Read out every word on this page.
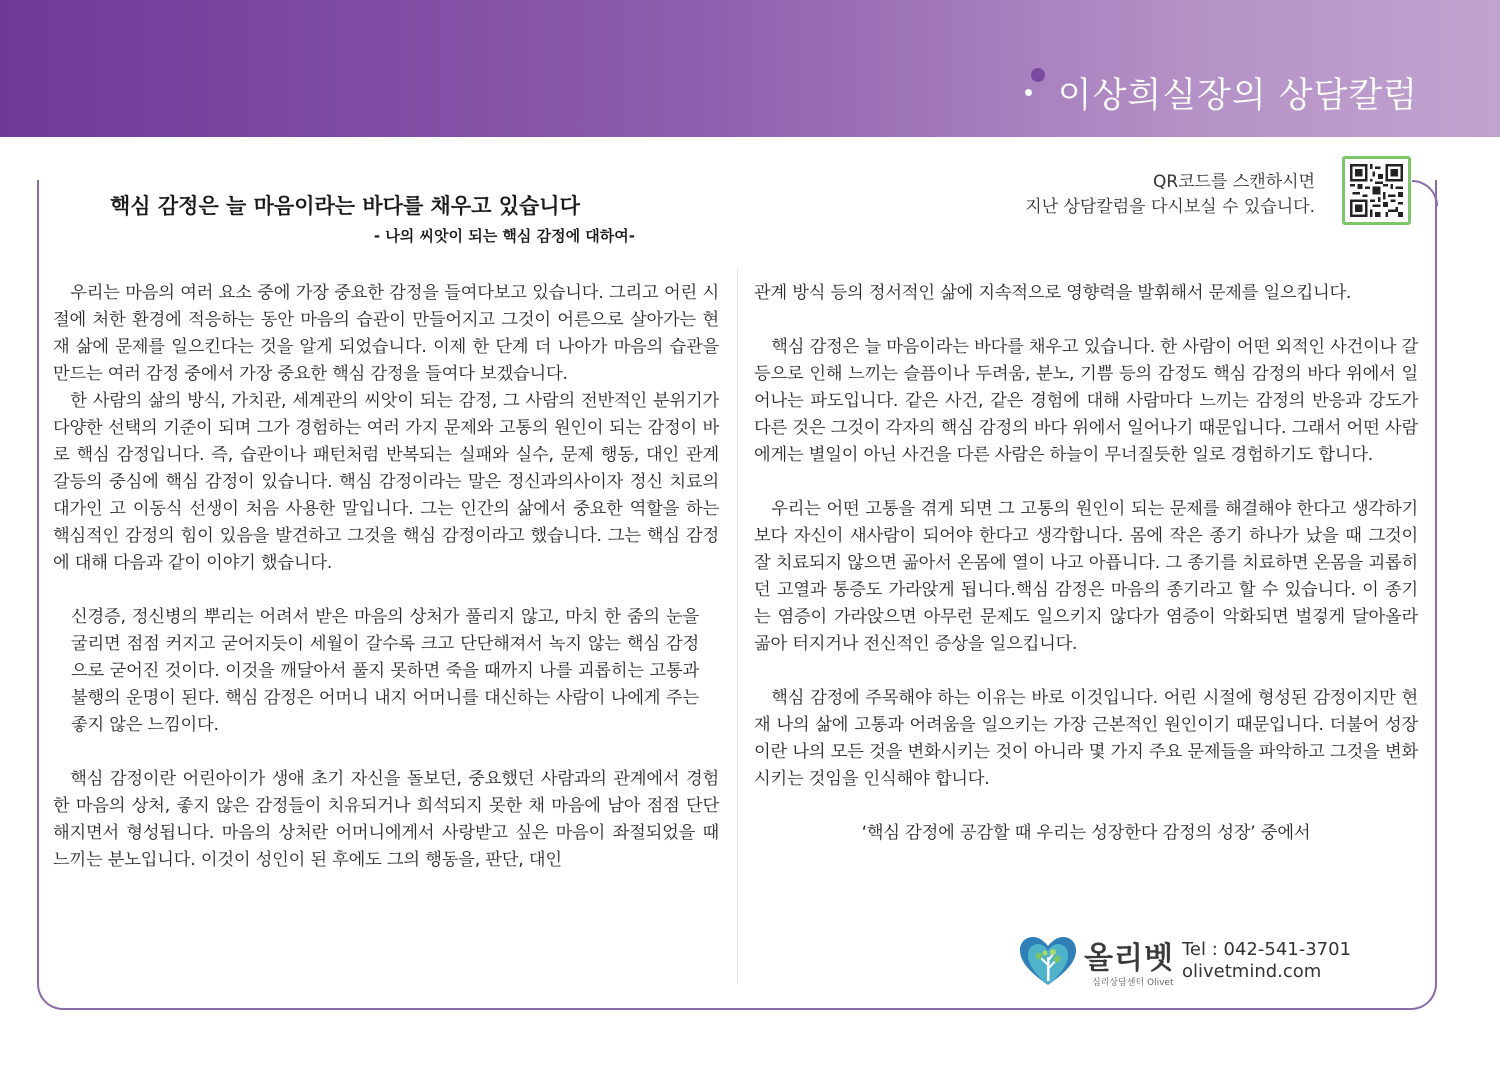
이상희실장의 상담칼럼
핵심 감정은 늘 마음이라는 바다를 채우고 있습니다
- 나의 씨앗이 되는 핵심 감정에 대하여-
QR코드를 스캔하시면
지난 상담칼럼을 다시보실 수 있습니다.

우리는 마음의 여러 요소 중에 가장 중요한 감정을 들여다보고 있습니다. 그리고 어린 시절에 처한 환경에 적응하는 동안 마음의 습관이 만들어지고 그것이 어른으로 살아가는 현재 삶에 문제를 일으킨다는 것을 알게 되었습니다. 이제 한 단계 더 나아가 마음의 습관을 만드는 여러 감정 중에서 가장 중요한 핵심 감정을 들여다 보겠습니다.

한 사람의 삶의 방식, 가치관, 세계관의 씨앗이 되는 감정, 그 사람의 전반적인 분위기가 다양한 선택의 기준이 되며 그가 경험하는 여러 가지 문제와 고통의 원인이 되는 감정이 바로 핵심 감정입니다. 즉, 습관이나 패턴처럼 반복되는 실패와 실수, 문제 행동, 대인 관계 갈등의 중심에 핵심 감정이 있습니다. 핵심 감정이라는 말은 정신과의사이자 정신 치료의 대가인 고 이동식 선생이 처음 사용한 말입니다. 그는 인간의 삶에서 중요한 역할을 하는 핵심적인 감정의 힘이 있음을 발견하고 그것을 핵심 감정이라고 했습니다. 그는 핵심 감정에 대해 다음과 같이 이야기 했습니다.

신경증, 정신병의 뿌리는 어려서 받은 마음의 상처가 풀리지 않고, 마치 한 줌의 눈을 굴리면 점점 커지고 굳어지듯이 세월이 갈수록 크고 단단해져서 녹지 않는 핵심 감정으로 굳어진 것이다. 이것을 깨달아서 풀지 못하면 죽을 때까지 나를 괴롭히는 고통과 불행의 운명이 된다. 핵심 감정은 어머니 내지 어머니를 대신하는 사람이 나에게 주는 좋지 않은 느낌이다.

핵심 감정이란 어린아이가 생애 초기 자신을 돌보던, 중요했던 사람과의 관계에서 경험한 마음의 상처, 좋지 않은 감정들이 치유되거나 희석되지 못한 채 마음에 남아 점점 단단해지면서 형성됩니다. 마음의 상처란 어머니에게서 사랑받고 싶은 마음이 좌절되었을 때 느끼는 분노입니다. 이것이 성인이 된 후에도 그의 행동을, 판단, 대인

관계 방식 등의 정서적인 삶에 지속적으로 영향력을 발휘해서 문제를 일으킵니다.

핵심 감정은 늘 마음이라는 바다를 채우고 있습니다. 한 사람이 어떤 외적인 사건이나 갈등으로 인해 느끼는 슬픔이나 두려움, 분노, 기쁨 등의 감정도 핵심 감정의 바다 위에서 일어나는 파도입니다. 같은 사건, 같은 경험에 대해 사람마다 느끼는 감정의 반응과 강도가 다른 것은 그것이 각자의 핵심 감정의 바다 위에서 일어나기 때문입니다. 그래서 어떤 사람에게는 별일이 아닌 사건을 다른 사람은 하늘이 무너질듯한 일로 경험하기도 합니다.

우리는 어떤 고통을 겪게 되면 그 고통의 원인이 되는 문제를 해결해야 한다고 생각하기 보다 자신이 새사람이 되어야 한다고 생각합니다. 몸에 작은 종기 하나가 났을 때 그것이 잘 치료되지 않으면 곪아서 온몸에 열이 나고 아픕니다. 그 종기를 치료하면 온몸을 괴롭히던 고열과 통증도 가라앉게 됩니다.핵심 감정은 마음의 종기라고 할 수 있습니다. 이 종기는 염증이 가라앉으면 아무런 문제도 일으키지 않다가 염증이 악화되면 벌겋게 달아올라 곪아 터지거나 전신적인 증상을 일으킵니다.

핵심 감정에 주목해야 하는 이유는 바로 이것입니다. 어린 시절에 형성된 감정이지만 현재 나의 삶에 고통과 어려움을 일으키는 가장 근본적인 원인이기 때문입니다. 더불어 성장이란 나의 모든 것을 변화시키는 것이 아니라 몇 가지 주요 문제들을 파악하고 그것을 변화시키는 것임을 인식해야 합니다.

‘핵심 감정에 공감할 때 우리는 성장한다 감정의 성장’ 중에서

올리벳
심리상담센터 Olivet
Tel : 042-541-3701
olivetmind.com
